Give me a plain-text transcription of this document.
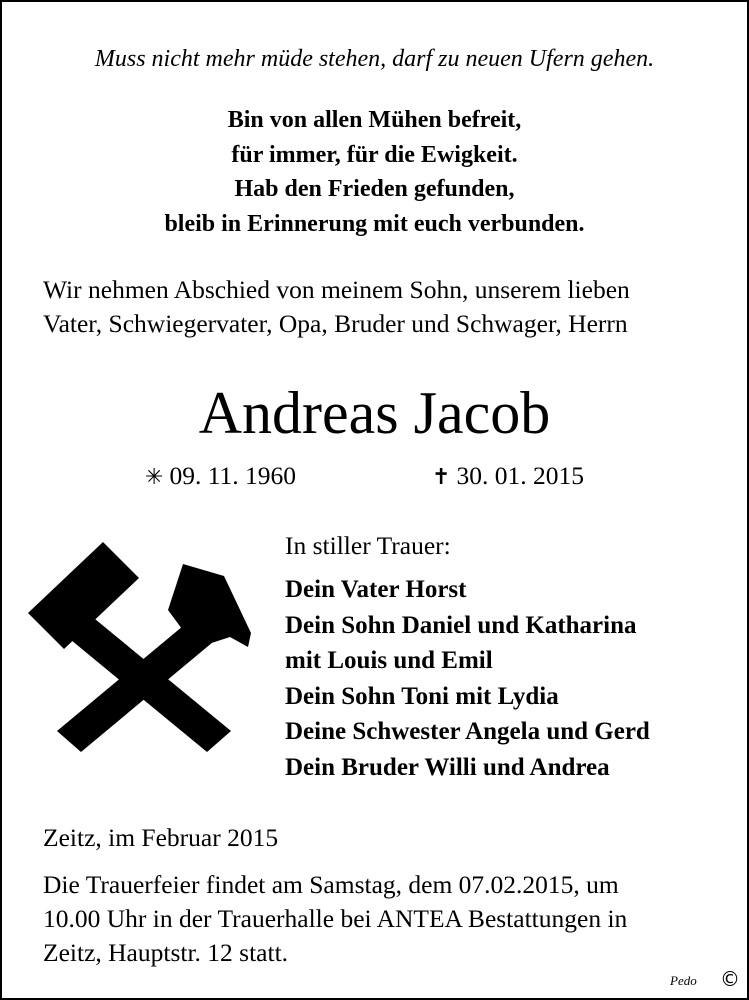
Muss nicht mehr müde stehen, darf zu neuen Ufern gehen.
Bin von allen Mühen befreit,
für immer, für die Ewigkeit.
Hab den Frieden gefunden,
bleib in Erinnerung mit euch verbunden.
Wir nehmen Abschied von meinem Sohn, unserem lieben
Vater, Schwiegervater, Opa, Bruder und Schwager, Herrn
Andreas Jacob
✳ 09. 11. 1960	✝ 30. 01. 2015
In stiller Trauer:
Dein Vater Horst
Dein Sohn Daniel und Katharina
mit Louis und Emil
Dein Sohn Toni mit Lydia
Deine Schwester Angela und Gerd
Dein Bruder Willi und Andrea
Zeitz, im Februar 2015
Die Trauerfeier findet am Samstag, dem 07.02.2015, um
10.00 Uhr in der Trauerhalle bei ANTEA Bestattungen in
Zeitz, Hauptstr. 12 statt.
Pedo ©
